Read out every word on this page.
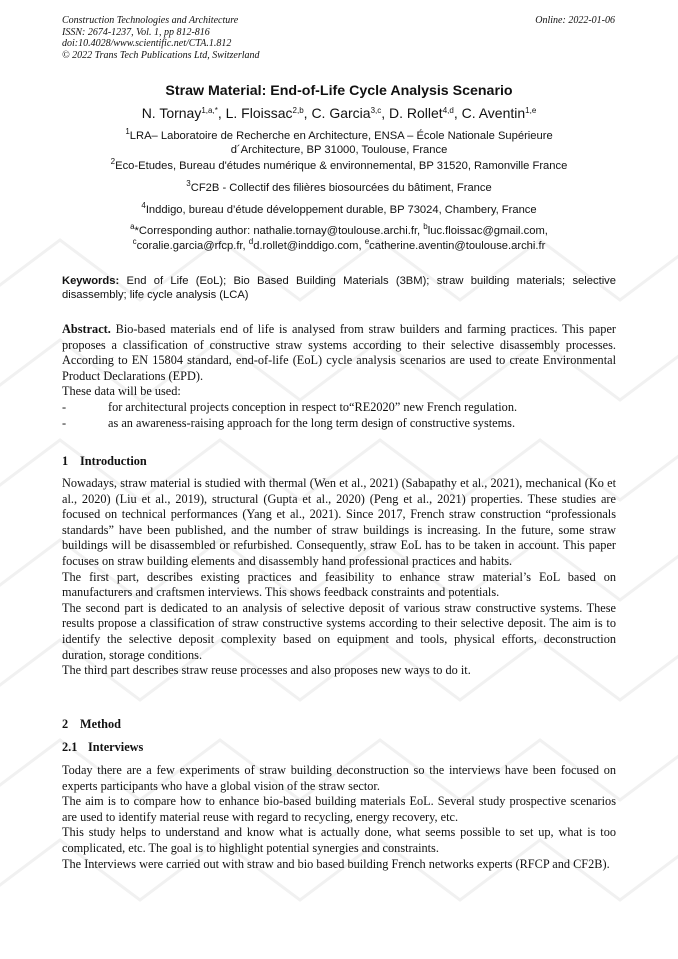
Construction Technologies and Architecture
ISSN: 2674-1237, Vol. 1, pp 812-816
doi:10.4028/www.scientific.net/CTA.1.812
© 2022 Trans Tech Publications Ltd, Switzerland
Online: 2022-01-06
Straw Material: End-of-Life Cycle Analysis Scenario
N. Tornay$^{1,a,*}$, L. Floissac$^{2,b}$, C. Garcia$^{3,c}$, D. Rollet$^{4,d}$, C. Aventin$^{1,e}$
$^1$LRA– Laboratoire de Recherche en Architecture, ENSA – École Nationale Supérieure
d´Architecture, BP 31000, Toulouse, France
$^2$Eco-Etudes, Bureau d'études numérique & environnemental, BP 31520, Ramonville France
$^3$CF2B - Collectif des filières biosourcées du bâtiment, France
$^4$Inddigo, bureau d’étude développement durable, BP 73024, Chambery, France
$^a$*Corresponding author: nathalie.tornay@toulouse.archi.fr, $^b$luc.floissac@gmail.com,
$^c$coralie.garcia@rfcp.fr, $^d$d.rollet@inddigo.com, $^e$catherine.aventin@toulouse.archi.fr
Keywords: End of Life (EoL); Bio Based Building Materials (3BM); straw building materials; selective disassembly; life cycle analysis (LCA)

Abstract. Bio-based materials end of life is analysed from straw builders and farming practices. This paper proposes a classification of constructive straw systems according to their selective disassembly processes. According to EN 15804 standard, end-of-life (EoL) cycle analysis scenarios are used to create Environmental Product Declarations (EPD).

These data will be used:

-	for architectural projects conception in respect to“RE2020” new French regulation.
-	as an awareness-raising approach for the long term design of constructive systems.
1 Introduction

Nowadays, straw material is studied with thermal (Wen et al., 2021) (Sabapathy et al., 2021), mechanical (Ko et al., 2020) (Liu et al., 2019), structural (Gupta et al., 2020) (Peng et al., 2021) properties. These studies are focused on technical performances (Yang et al., 2021). Since 2017, French straw construction “professionals standards” have been published, and the number of straw buildings is increasing. In the future, some straw buildings will be disassembled or refurbished. Consequently, straw EoL has to be taken in account. This paper focuses on straw building elements and disassembly hand professional practices and habits.

The first part, describes existing practices and feasibility to enhance straw material’s EoL based on manufacturers and craftsmen interviews. This shows feedback constraints and potentials.

The second part is dedicated to an analysis of selective deposit of various straw constructive systems. These results propose a classification of straw constructive systems according to their selective deposit. The aim is to identify the selective deposit complexity based on equipment and tools, physical efforts, deconstruction duration, storage conditions.

The third part describes straw reuse processes and also proposes new ways to do it.

2 Method
2.1 Interviews

Today there are a few experiments of straw building deconstruction so the interviews have been focused on experts participants who have a global vision of the straw sector.

The aim is to compare how to enhance bio-based building materials EoL. Several study prospective scenarios are used to identify material reuse with regard to recycling, energy recovery, etc.

This study helps to understand and know what is actually done, what seems possible to set up, what is too complicated, etc. The goal is to highlight potential synergies and constraints.

The Interviews were carried out with straw and bio based building French networks experts (RFCP and CF2B).
